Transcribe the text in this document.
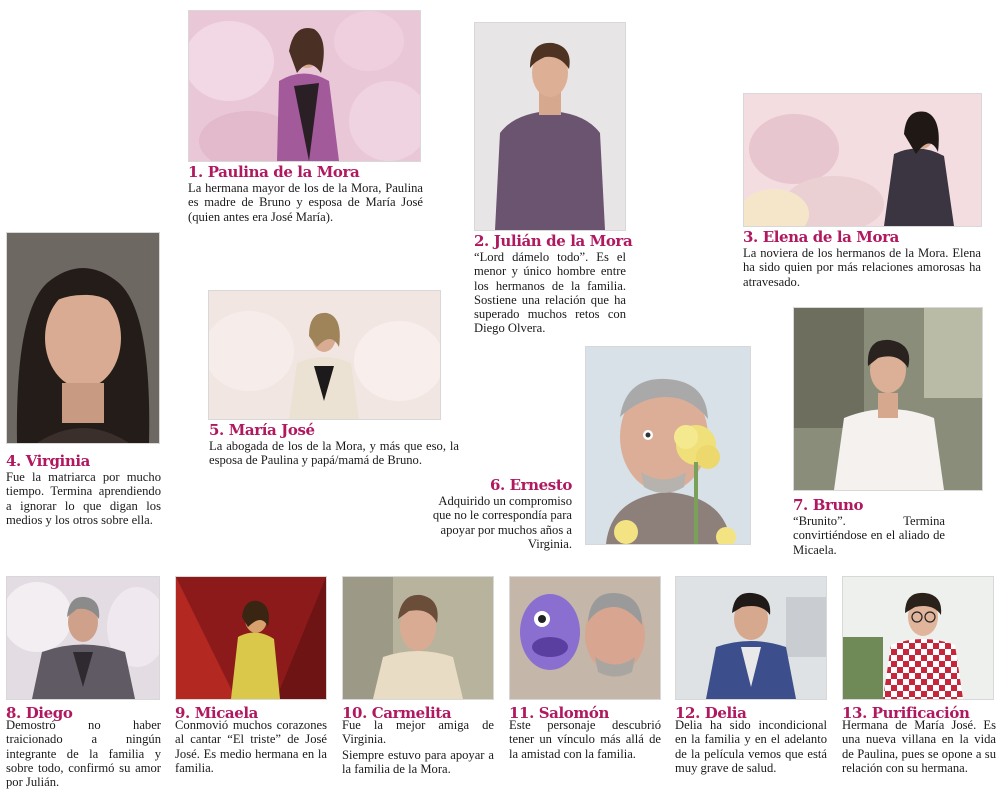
1. Paulina de la Mora

La hermana mayor de los de la Mora, Paulina es madre de Bruno y esposa de María José (quien antes era José María).

2. Julián de la Mora

“Lord dámelo todo”. Es el menor y único hombre entre los hermanos de la familia. Sostiene una relación que ha superado muchos retos con Diego Olvera.

3. Elena de la Mora

La noviera de los hermanos de la Mora. Elena ha sido quien por más relaciones amorosas ha atravesado.

4. Virginia

Fue la matriarca por mucho tiempo. Termina aprendiendo a ignorar lo que digan los medios y los otros sobre ella.

5. María José

La abogada de los de la Mora, y más que eso, la esposa de Paulina y papá/mamá de Bruno.

6. Ernesto

Adquirido un compromiso que no le correspondía para apoyar por muchos años a Virginia.

7. Bruno

“Brunito”. Termina convirtiéndose en el aliado de Micaela.

8. Diego

Demostró no haber traicionado a ningún integrante de la familia y sobre todo, confirmó su amor por Julián.

9. Micaela

Conmovió muchos corazones al cantar “El triste” de José José. Es medio hermana en la familia.

10. Carmelita

Fue la mejor amiga de Virginia.

Siempre estuvo para apoyar a la familia de la Mora.

11. Salomón

Este personaje descubrió tener un vínculo más allá de la amistad con la familia.

12. Delia

Delia ha sido incondicional en la familia y en el adelanto de la película vemos que está muy grave de salud.

13. Purificación

Hermana de María José. Es una nueva villana en la vida de Paulina, pues se opone a su relación con su hermana.
